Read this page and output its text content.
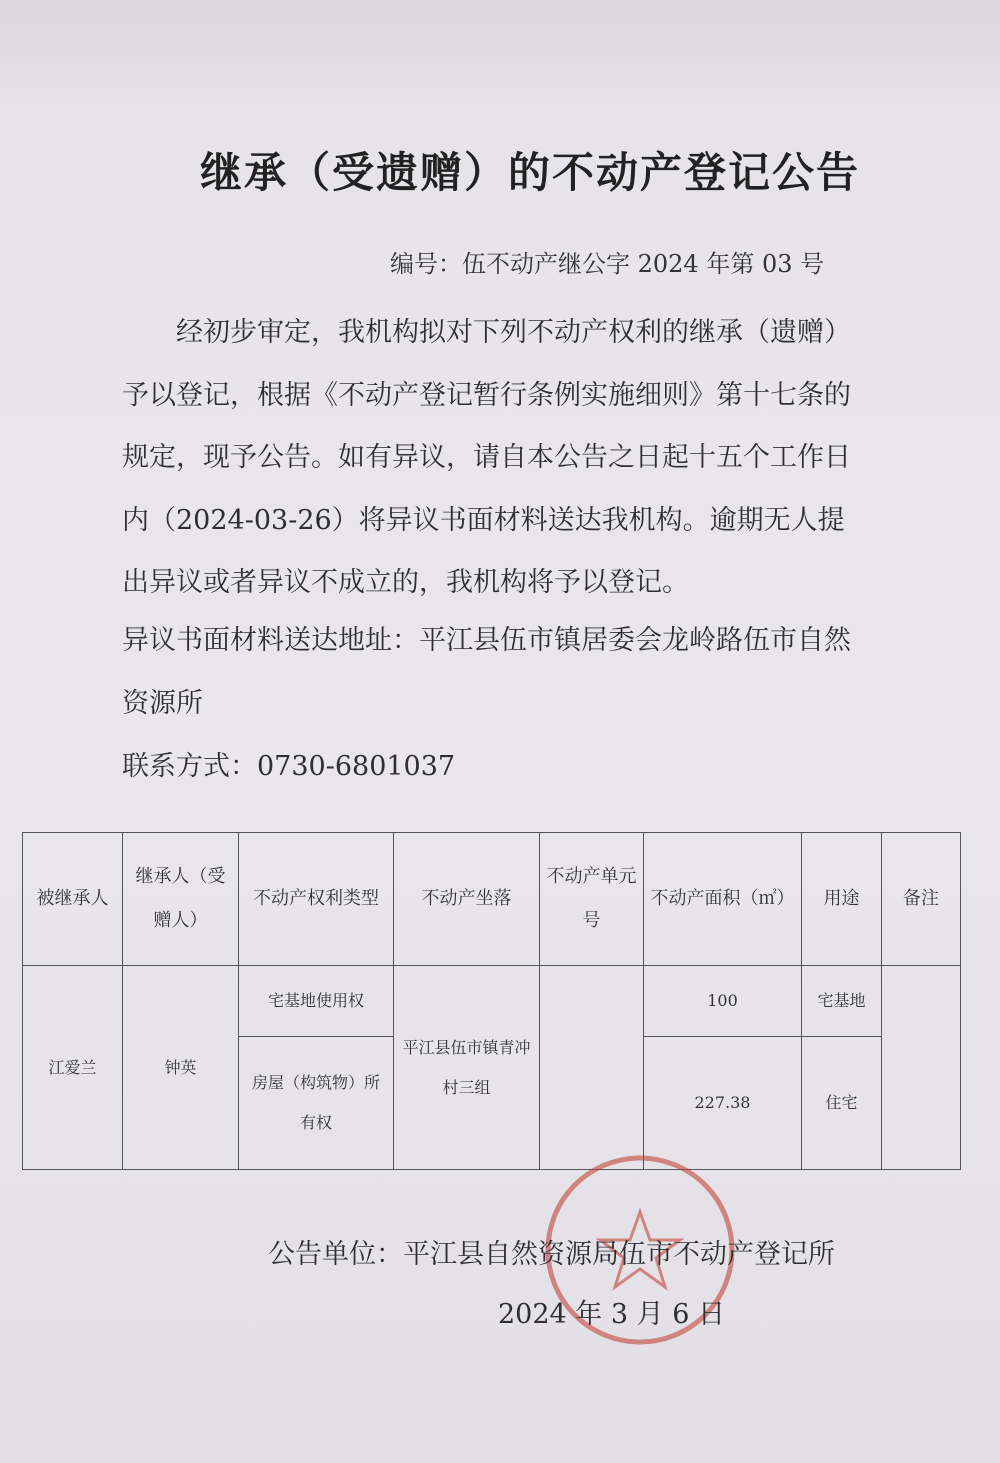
继承（受遗赠）的不动产登记公告
编号：伍不动产继公字 2024 年第 03 号

经初步审定，我机构拟对下列不动产权利的继承（遗赠）予以登记，根据《不动产登记暂行条例实施细则》第十七条的规定，现予公告。如有异议，请自本公告之日起十五个工作日内（2024-03-26）将异议书面材料送达我机构。逾期无人提出异议或者异议不成立的，我机构将予以登记。

异议书面材料送达地址：平江县伍市镇居委会龙岭路伍市自然资源所

联系方式：0730-6801037

被继承人	继承人（受赠人）	不动产权利类型	不动产坐落	不动产单元号	不动产面积（㎡）	用途	备注
江爱兰	钟英	宅基地使用权	平江县伍市镇青冲村三组		100	宅基地	
		房屋（构筑物）所有权			227.38	住宅	
公告单位：平江县自然资源局伍市不动产登记所
2024 年 3 月 6 日
